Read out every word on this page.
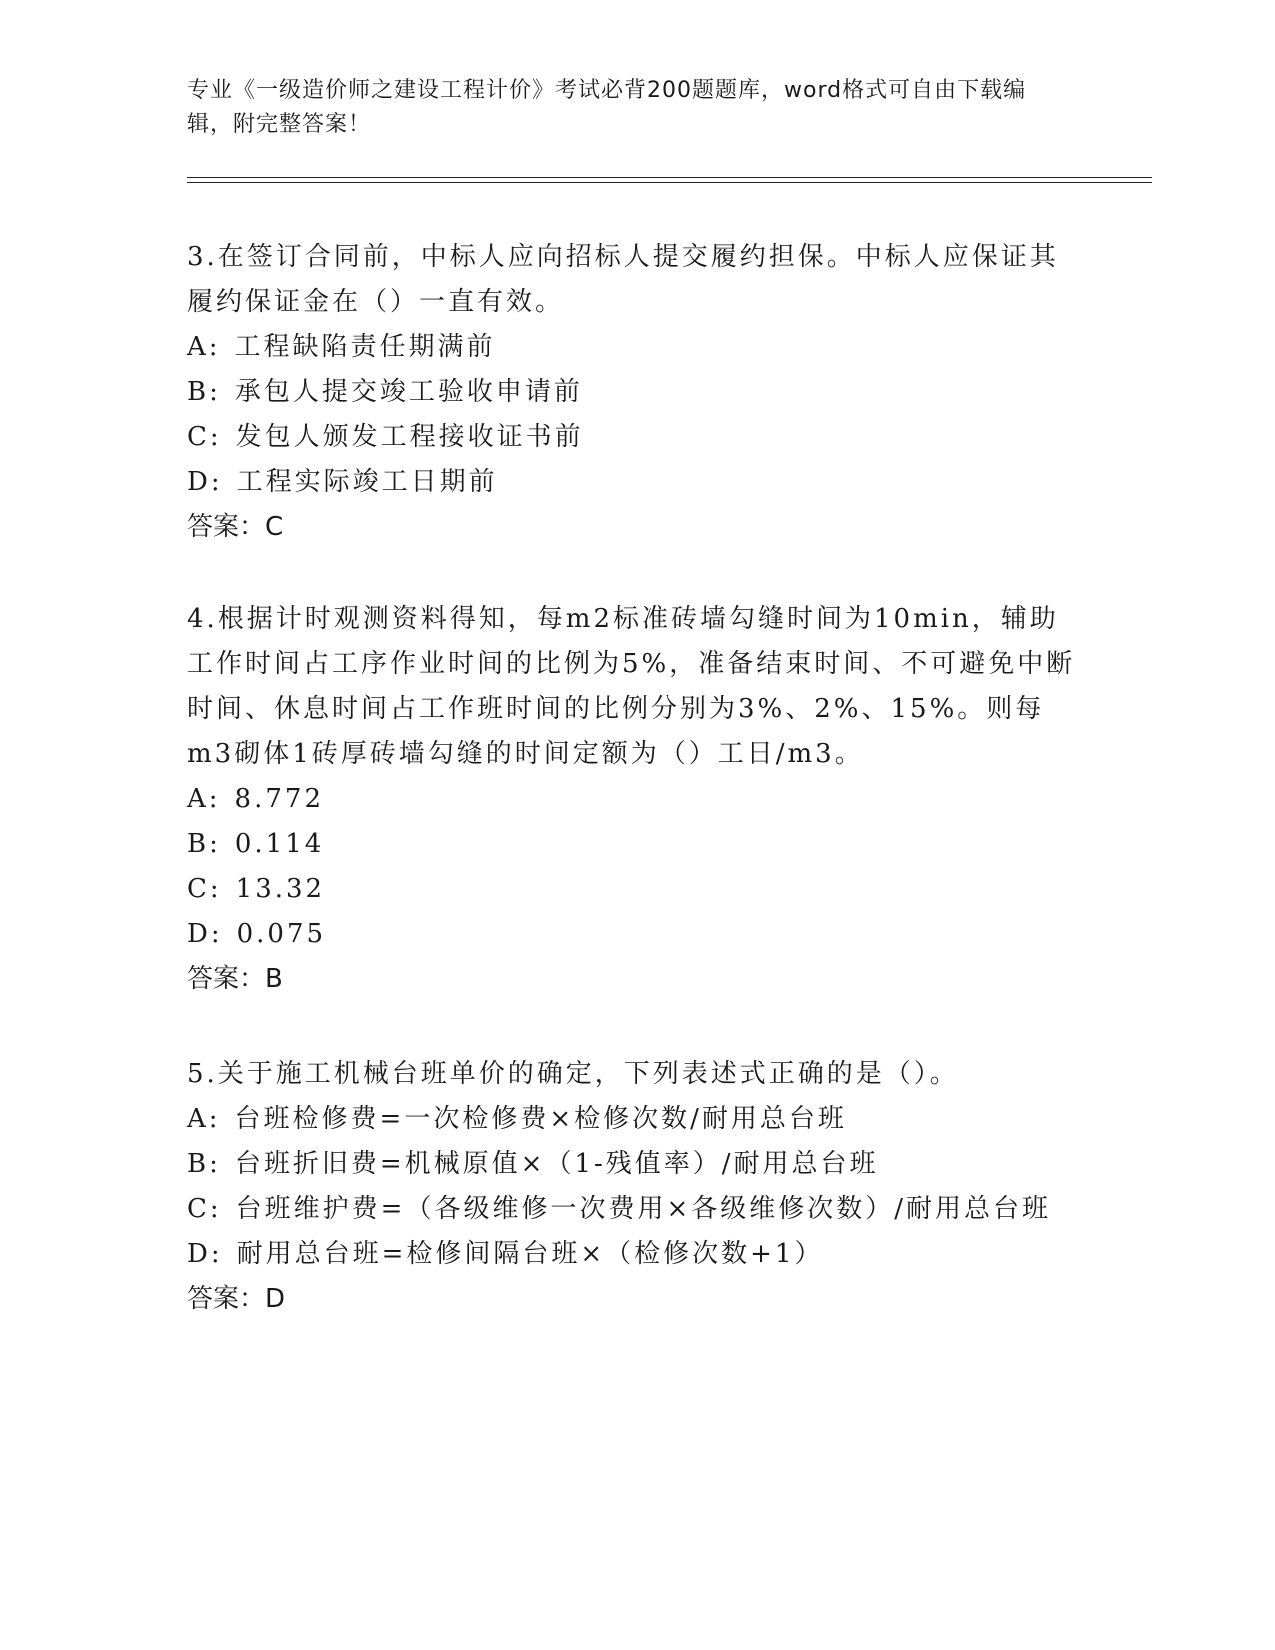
专业《一级造价师之建设工程计价》考试必背200题题库，word格式可自由下载编辑，附完整答案！

3.在签订合同前，中标人应向招标人提交履约担保。中标人应保证其履约保证金在（）一直有效。

A: 工程缺陷责任期满前

B: 承包人提交竣工验收申请前

C: 发包人颁发工程接收证书前

D: 工程实际竣工日期前

答案：C

4.根据计时观测资料得知，每m2标准砖墙勾缝时间为10min，辅助工作时间占工序作业时间的比例为5%，准备结束时间、不可避免中断时间、休息时间占工作班时间的比例分别为3%、2%、15%。则每m3砌体1砖厚砖墙勾缝的时间定额为（）工日/m3。

A: 8.772

B: 0.114

C: 13.32

D: 0.075

答案：B

5.关于施工机械台班单价的确定，下列表述式正确的是（）。

A: 台班检修费=一次检修费×检修次数/耐用总台班

B: 台班折旧费=机械原值×（1-残值率）/耐用总台班

C: 台班维护费=（各级维修一次费用×各级维修次数）/耐用总台班

D: 耐用总台班=检修间隔台班×（检修次数+1）

答案：D
